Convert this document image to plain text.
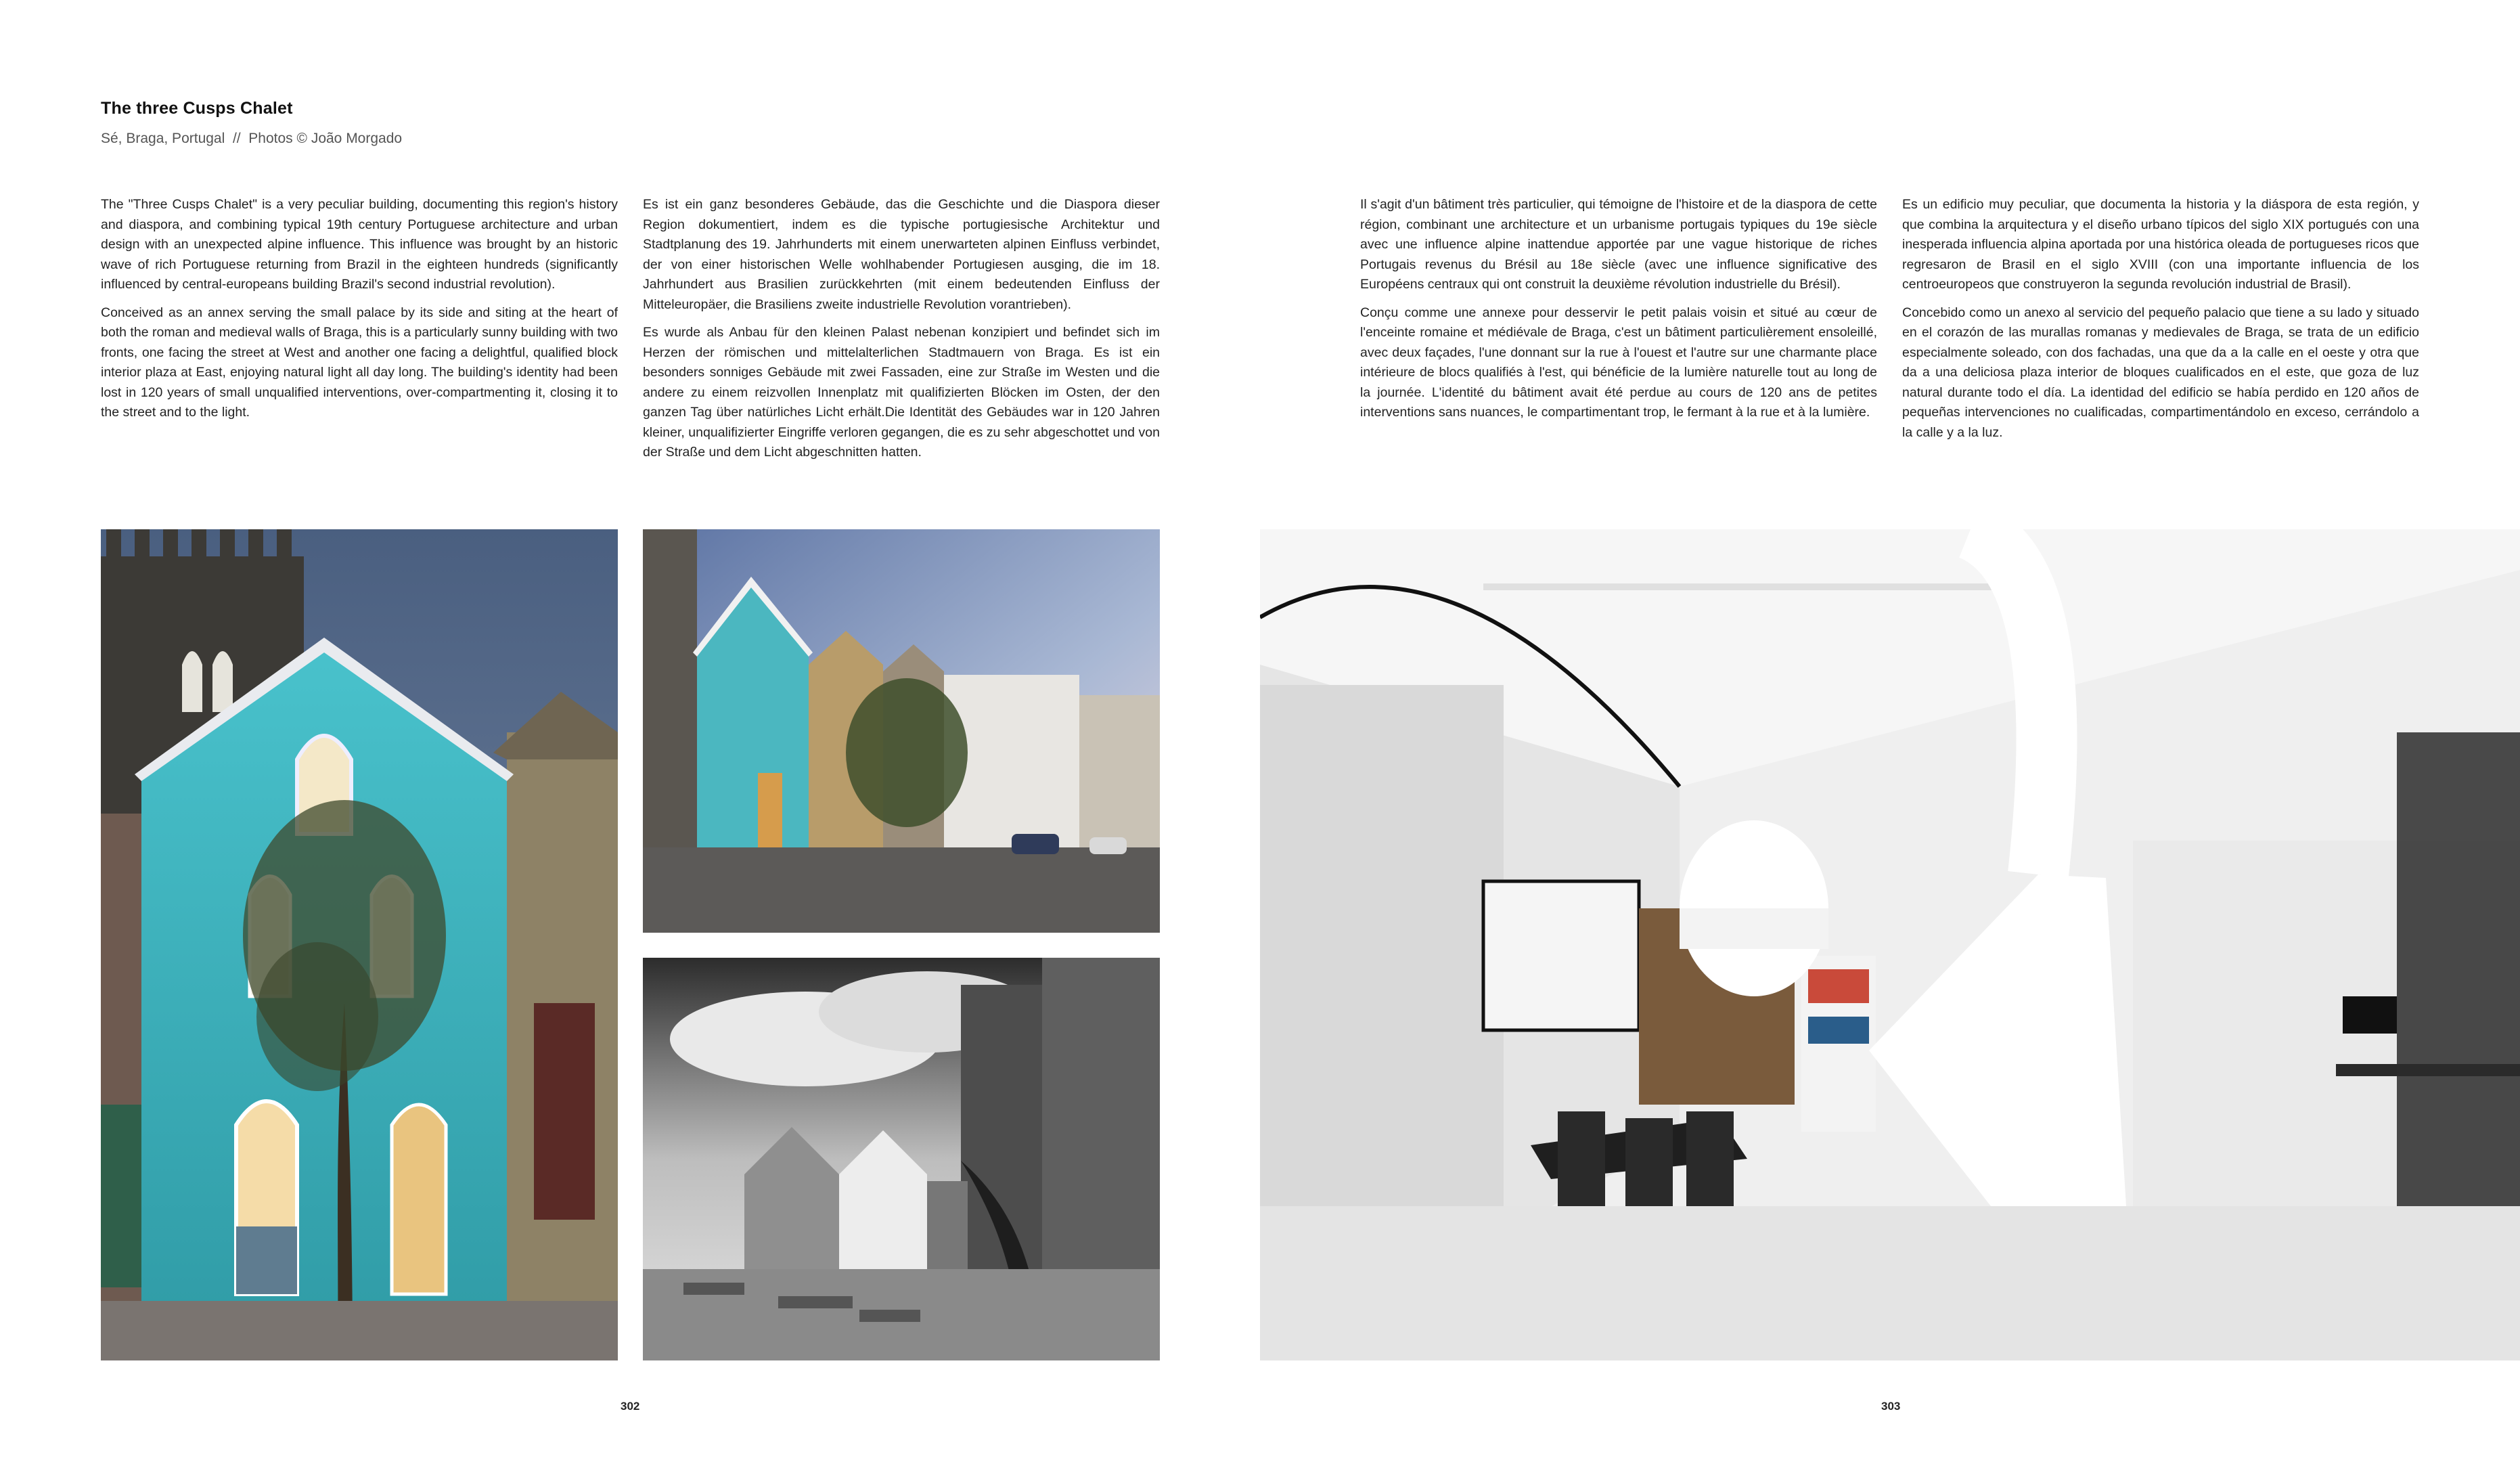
The three Cusps Chalet
Sé, Braga, Portugal // Photos © João Morgado

The "Three Cusps Chalet" is a very peculiar building, documenting this region's history and diaspora, and combining typical 19th century Portuguese architecture and urban design with an unexpected alpine influence. This influence was brought by an historic wave of rich Portuguese returning from Brazil in the eighteen hundreds (significantly influenced by central-europeans building Brazil's second industrial revolution).

Conceived as an annex serving the small palace by its side and siting at the heart of both the roman and medieval walls of Braga, this is a particularly sunny building with two fronts, one facing the street at West and another one facing a delightful, qualified block interior plaza at East, enjoying natural light all day long. The building's identity had been lost in 120 years of small unqualified interventions, over-compartmenting it, closing it to the street and to the light.

Es ist ein ganz besonderes Gebäude, das die Geschichte und die Diaspora dieser Region dokumentiert, indem es die typische portugiesische Architektur und Stadtplanung des 19. Jahrhunderts mit einem unerwarteten alpinen Einfluss verbindet, der von einer historischen Welle wohlhabender Portugiesen ausging, die im 18. Jahrhundert aus Brasilien zurückkehrten (mit einem bedeutenden Einfluss der Mitteleuropäer, die Brasiliens zweite industrielle Revolution vorantrieben).

Es wurde als Anbau für den kleinen Palast nebenan konzipiert und befindet sich im Herzen der römischen und mittelalterlichen Stadtmauern von Braga. Es ist ein besonders sonniges Gebäude mit zwei Fassaden, eine zur Straße im Westen und die andere zu einem reizvollen Innenplatz mit qualifizierten Blöcken im Osten, der den ganzen Tag über natürliches Licht erhält.Die Identität des Gebäudes war in 120 Jahren kleiner, unqualifizierter Eingriffe verloren gegangen, die es zu sehr abgeschottet und von der Straße und dem Licht abgeschnitten hatten.

Il s'agit d'un bâtiment très particulier, qui témoigne de l'histoire et de la diaspora de cette région, combinant une architecture et un urbanisme portugais typiques du 19e siècle avec une influence alpine inattendue apportée par une vague historique de riches Portugais revenus du Brésil au 18e siècle (avec une influence significative des Européens centraux qui ont construit la deuxième révolution industrielle du Brésil).

Conçu comme une annexe pour desservir le petit palais voisin et situé au cœur de l'enceinte romaine et médiévale de Braga, c'est un bâtiment particulièrement ensoleillé, avec deux façades, l'une donnant sur la rue à l'ouest et l'autre sur une charmante place intérieure de blocs qualifiés à l'est, qui bénéficie de la lumière naturelle tout au long de la journée. L'identité du bâtiment avait été perdue au cours de 120 ans de petites interventions sans nuances, le compartimentant trop, le fermant à la rue et à la lumière.

Es un edificio muy peculiar, que documenta la historia y la diáspora de esta región, y que combina la arquitectura y el diseño urbano típicos del siglo XIX portugués con una inesperada influencia alpina aportada por una histórica oleada de portugueses ricos que regresaron de Brasil en el siglo XVIII (con una importante influencia de los centroeuropeos que construyeron la segunda revolución industrial de Brasil).

Concebido como un anexo al servicio del pequeño palacio que tiene a su lado y situado en el corazón de las murallas romanas y medievales de Braga, se trata de un edificio especialmente soleado, con dos fachadas, una que da a la calle en el oeste y otra que da a una deliciosa plaza interior de bloques cualificados en el este, que goza de luz natural durante todo el día. La identidad del edificio se había perdido en 120 años de pequeñas intervenciones no cualificadas, compartimentándolo en exceso, cerrándolo a la calle y a la luz.

302	303
